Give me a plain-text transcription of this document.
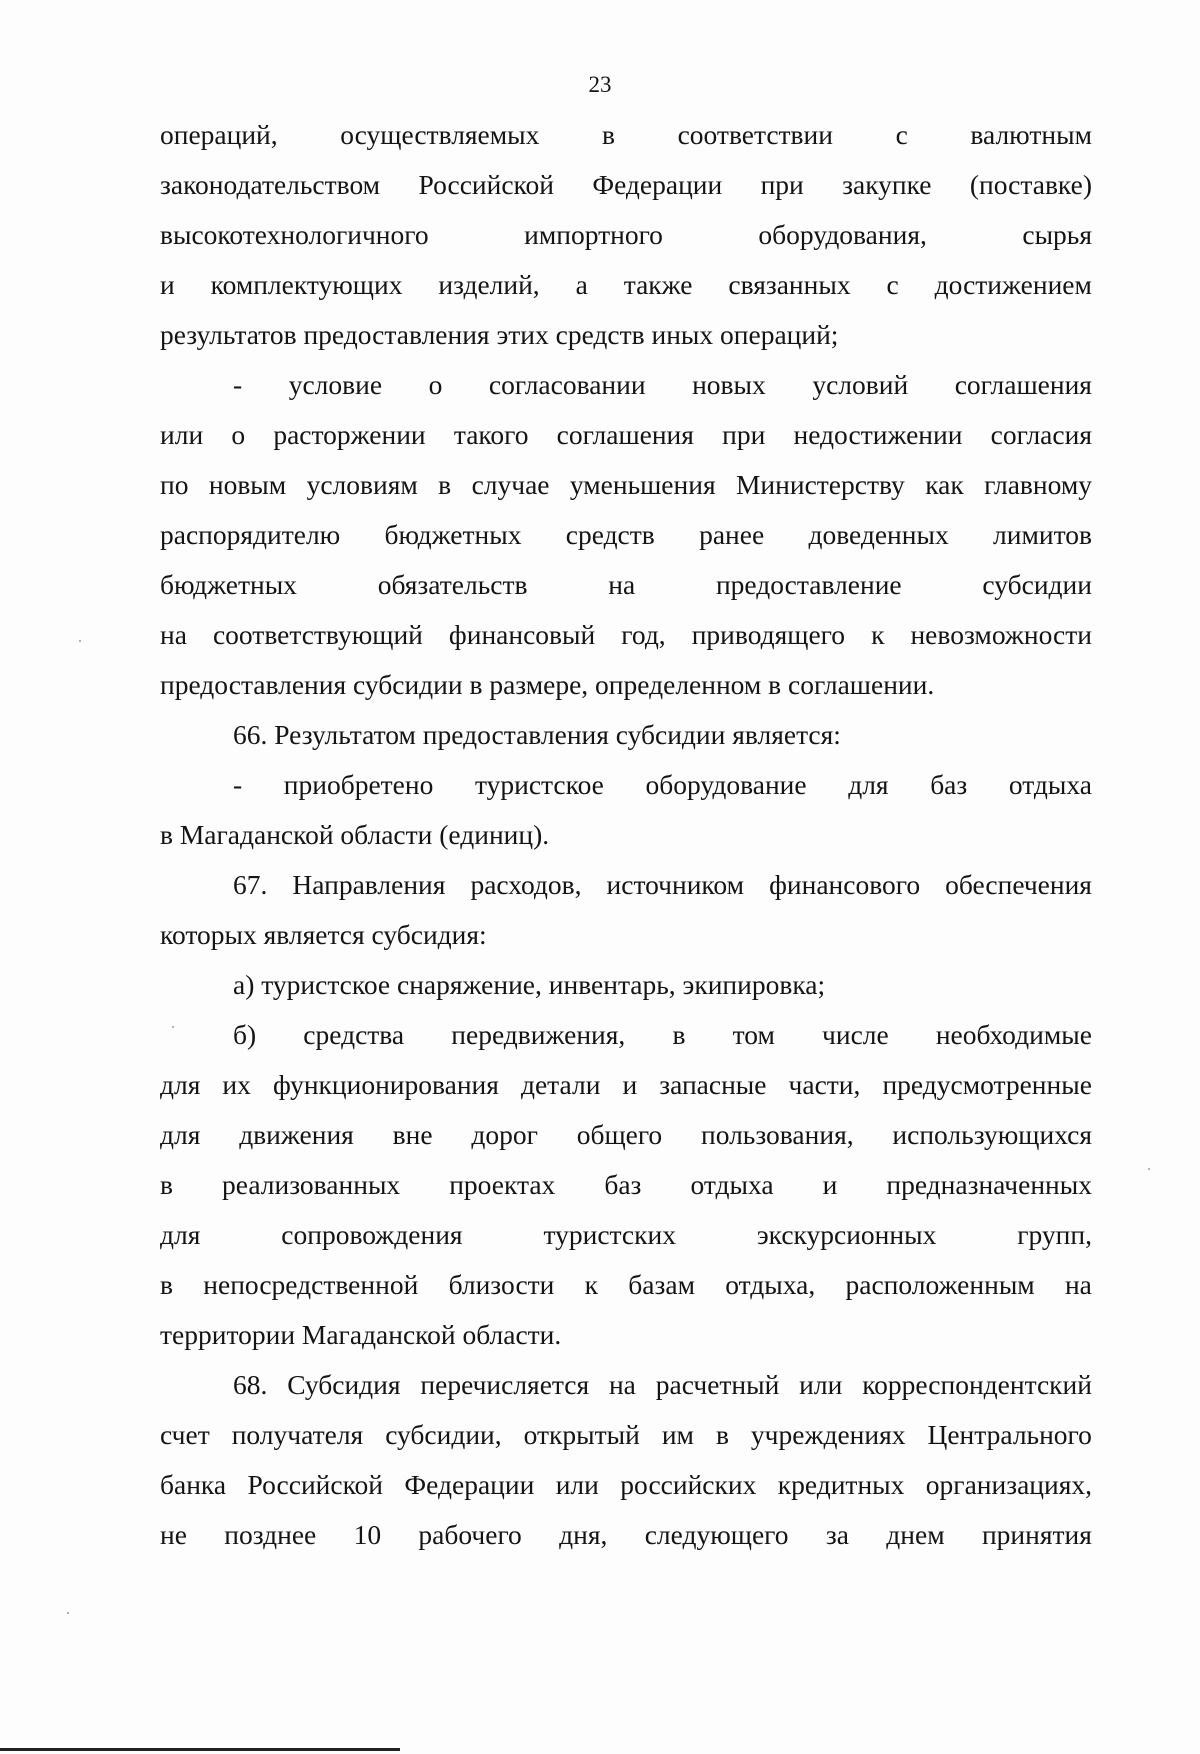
23
операций, осуществляемых в соответствии с валютным
законодательством Российской Федерации при закупке (поставке)
высокотехнологичного	импортного	оборудования,	сырья
и комплектующих изделий, а также связанных с достижением
результатов предоставления этих средств иных операций;
- условие о согласовании новых условий соглашения
или о расторжении такого соглашения при недостижении согласия
по новым условиям в случае уменьшения Министерству как главному
распорядителю бюджетных средств ранее доведенных лимитов
бюджетных	обязательств	на	предоставление	субсидии
на соответствующий финансовый год, приводящего к невозможности
предоставления субсидии в размере, определенном в соглашении.
66. Результатом предоставления субсидии является:
- приобретено туристское оборудование для баз отдыха
в Магаданской области (единиц).
67. Направления расходов, источником финансового обеспечения
которых является субсидия:
а) туристское снаряжение, инвентарь, экипировка;
б) средства передвижения, в том числе необходимые
для их функционирования детали и запасные части, предусмотренные
для движения вне дорог общего пользования, использующихся
в реализованных проектах баз отдыха и предназначенных
для	сопровождения	туристских	экскурсионных	групп,
в непосредственной близости к базам отдыха, расположенным на
территории Магаданской области.
68. Субсидия перечисляется на расчетный или корреспондентский
счет получателя субсидии, открытый им в учреждениях Центрального
банка Российской Федерации или российских кредитных организациях,
не позднее 10 рабочего дня, следующего за днем принятия
